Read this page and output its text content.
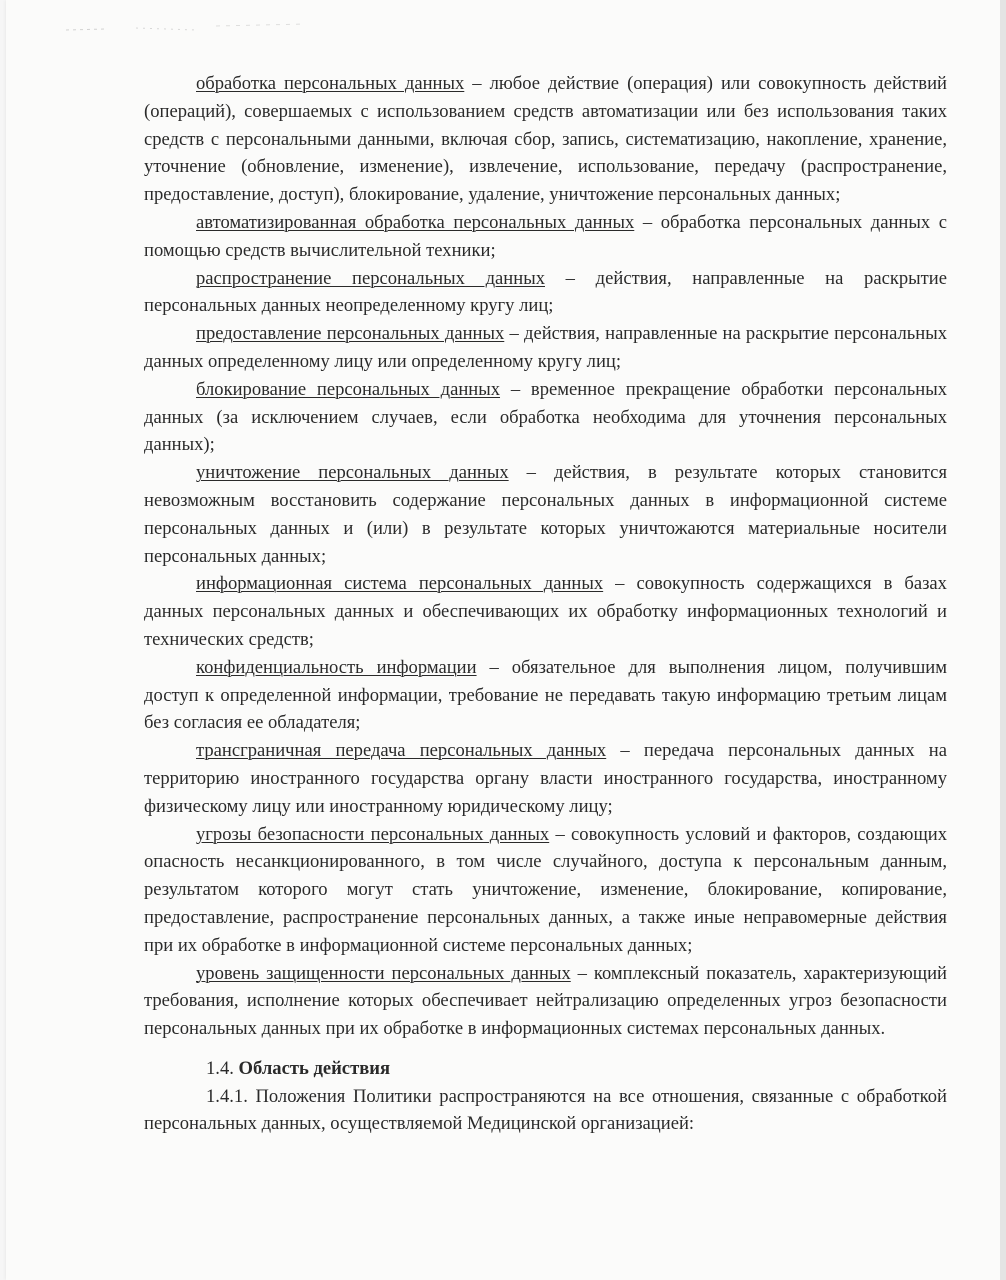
обработка персональных данных – любое действие (операция) или совокупность действий (операций), совершаемых с использованием средств автоматизации или без использования таких средств с персональными данными, включая сбор, запись, систематизацию, накопление, хранение, уточнение (обновление, изменение), извлечение, использование, передачу (распространение, предоставление, доступ), блокирование, удаление, уничтожение персональных данных;

автоматизированная обработка персональных данных – обработка персональных данных с помощью средств вычислительной техники;

распространение персональных данных – действия, направленные на раскрытие персональных данных неопределенному кругу лиц;

предоставление персональных данных – действия, направленные на раскрытие персональных данных определенному лицу или определенному кругу лиц;

блокирование персональных данных – временное прекращение обработки персональных данных (за исключением случаев, если обработка необходима для уточнения персональных данных);

уничтожение персональных данных – действия, в результате которых становится невозможным восстановить содержание персональных данных в информационной системе персональных данных и (или) в результате которых уничтожаются материальные носители персональных данных;

информационная система персональных данных – совокупность содержащихся в базах данных персональных данных и обеспечивающих их обработку информационных технологий и технических средств;

конфиденциальность информации – обязательное для выполнения лицом, получившим доступ к определенной информации, требование не передавать такую информацию третьим лицам без согласия ее обладателя;

трансграничная передача персональных данных – передача персональных данных на территорию иностранного государства органу власти иностранного государства, иностранному физическому лицу или иностранному юридическому лицу;

угрозы безопасности персональных данных – совокупность условий и факторов, создающих опасность несанкционированного, в том числе случайного, доступа к персональным данным, результатом которого могут стать уничтожение, изменение, блокирование, копирование, предоставление, распространение персональных данных, а также иные неправомерные действия при их обработке в информационной системе персональных данных;

уровень защищенности персональных данных – комплексный показатель, характеризующий требования, исполнение которых обеспечивает нейтрализацию определенных угроз безопасности персональных данных при их обработке в информационных системах персональных данных.

1.4. Область действия

1.4.1. Положения Политики распространяются на все отношения, связанные с обработкой персональных данных, осуществляемой Медицинской организацией:
